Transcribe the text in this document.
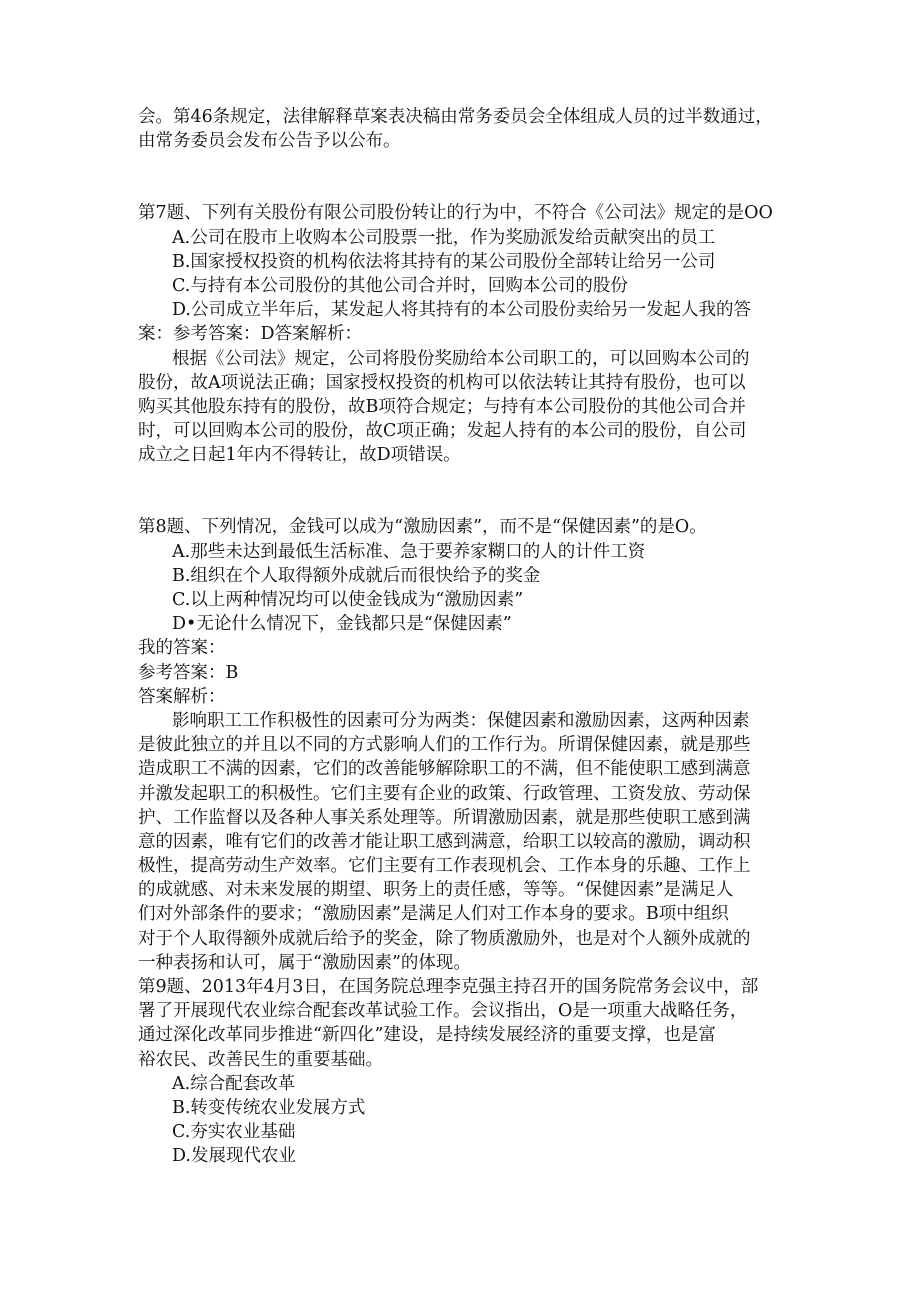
会。第46条规定，法律解释草案表决稿由常务委员会全体组成人员的过半数通过，
由常务委员会发布公告予以公布。
第7题、下列有关股份有限公司股份转让的行为中，不符合《公司法》规定的是OO
A.公司在股市上收购本公司股票一批，作为奖励派发给贡献突出的员工
B.国家授权投资的机构依法将其持有的某公司股份全部转让给另一公司
C.与持有本公司股份的其他公司合并时，回购本公司的股份
D.公司成立半年后，某发起人将其持有的本公司股份卖给另一发起人我的答
案：参考答案：D答案解析：
根据《公司法》规定，公司将股份奖励给本公司职工的，可以回购本公司的
股份，故A项说法正确；国家授权投资的机构可以依法转让其持有股份，也可以
购买其他股东持有的股份，故B项符合规定；与持有本公司股份的其他公司合并
时，可以回购本公司的股份，故C项正确；发起人持有的本公司的股份，自公司
成立之日起1年内不得转让，故D项错误。
第8题、下列情况，金钱可以成为“激励因素”，而不是“保健因素”的是O。
A.那些未达到最低生活标准、急于要养家糊口的人的计件工资
B.组织在个人取得额外成就后而很快给予的奖金
C.以上两种情况均可以使金钱成为“激励因素”
D•无论什么情况下，金钱都只是“保健因素”
我的答案：
参考答案：B
答案解析：
影响职工工作积极性的因素可分为两类：保健因素和激励因素，这两种因素
是彼此独立的并且以不同的方式影响人们的工作行为。所谓保健因素，就是那些
造成职工不满的因素，它们的改善能够解除职工的不满，但不能使职工感到满意
并激发起职工的积极性。它们主要有企业的政策、行政管理、工资发放、劳动保
护、工作监督以及各种人事关系处理等。所谓激励因素，就是那些使职工感到满
意的因素，唯有它们的改善才能让职工感到满意，给职工以较高的激励，调动积
极性，提高劳动生产效率。它们主要有工作表现机会、工作本身的乐趣、工作上
的成就感、对未来发展的期望、职务上的责任感，等等。“保健因素”是满足人
们对外部条件的要求；“激励因素”是满足人们对工作本身的要求。B项中组织
对于个人取得额外成就后给予的奖金，除了物质激励外，也是对个人额外成就的
一种表扬和认可，属于“激励因素”的体现。
第9题、2013年4月3日，在国务院总理李克强主持召开的国务院常务会议中，部
署了开展现代农业综合配套改革试验工作。会议指出，O是一项重大战略任务，
通过深化改革同步推进“新四化”建设，是持续发展经济的重要支撑，也是富
裕农民、改善民生的重要基础。
A.综合配套改革
B.转变传统农业发展方式
C.夯实农业基础
D.发展现代农业
